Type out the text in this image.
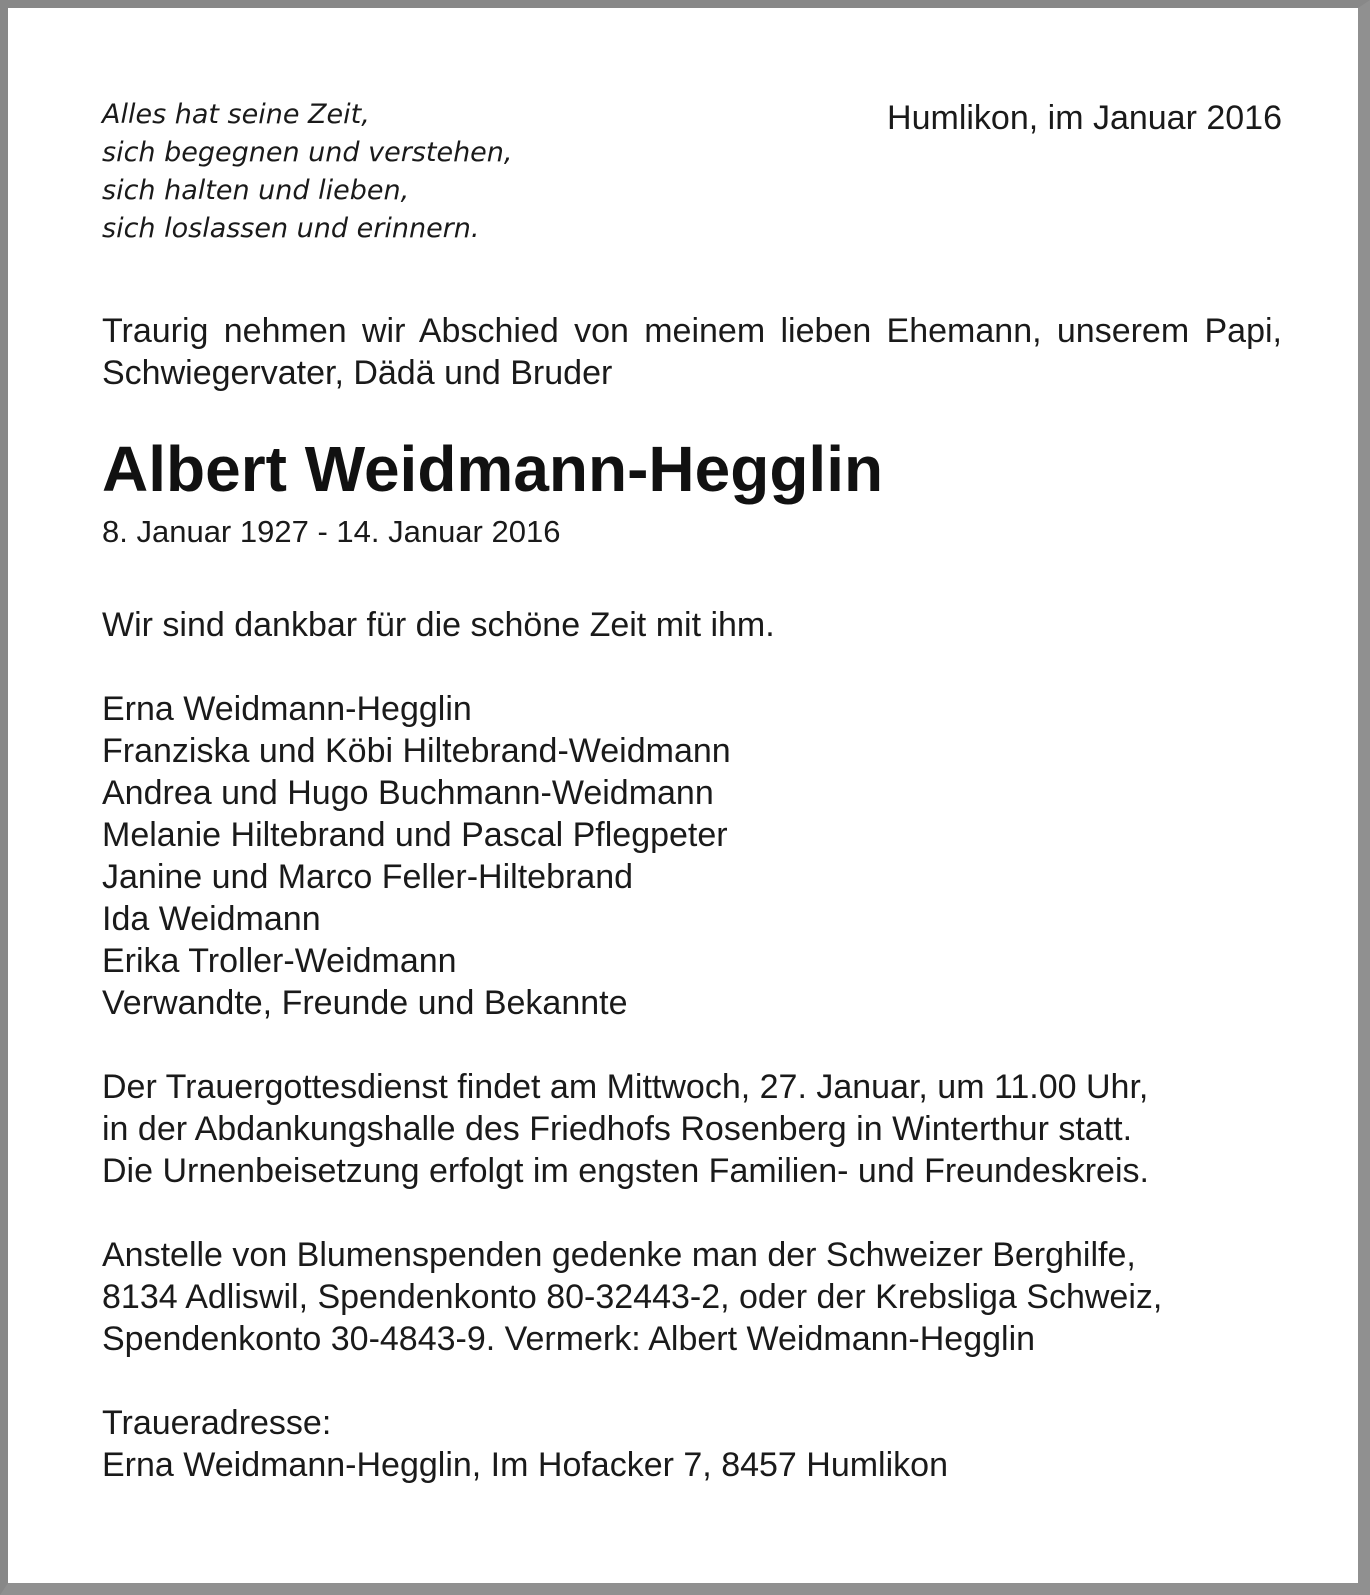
Alles hat seine Zeit,
sich begegnen und verstehen,
sich halten und lieben,
sich loslassen und erinnern.
Humlikon, im Januar 2016
Traurig nehmen wir Abschied von meinem lieben Ehemann, unserem Papi, Schwiegervater, Dädä und Bruder
Albert Weidmann-Hegglin
8. Januar 1927 - 14. Januar 2016
Wir sind dankbar für die schöne Zeit mit ihm.
Erna Weidmann-Hegglin
Franziska und Köbi Hiltebrand-Weidmann
Andrea und Hugo Buchmann-Weidmann
Melanie Hiltebrand und Pascal Pflegpeter
Janine und Marco Feller-Hiltebrand
Ida Weidmann
Erika Troller-Weidmann
Verwandte, Freunde und Bekannte
Der Trauergottesdienst findet am Mittwoch, 27. Januar, um 11.00 Uhr,
in der Abdankungshalle des Friedhofs Rosenberg in Winterthur statt.
Die Urnenbeisetzung erfolgt im engsten Familien- und Freundeskreis.
Anstelle von Blumenspenden gedenke man der Schweizer Berghilfe,
8134 Adliswil, Spendenkonto 80-32443-2, oder der Krebsliga Schweiz,
Spendenkonto 30-4843-9. Vermerk: Albert Weidmann-Hegglin
Traueradresse:
Erna Weidmann-Hegglin, Im Hofacker 7, 8457 Humlikon
